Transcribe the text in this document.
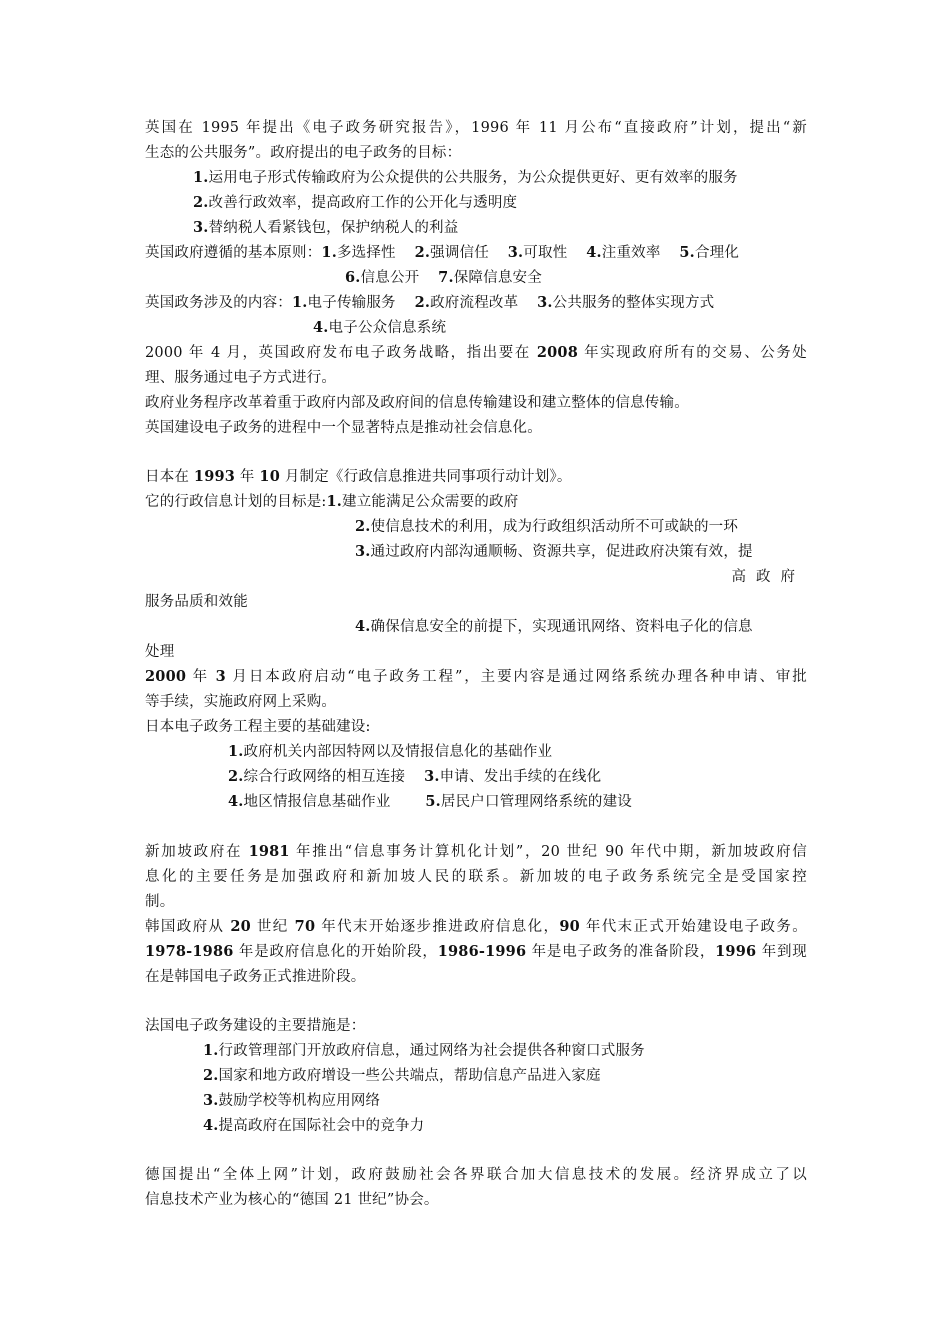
英国在 1995 年提出《电子政务研究报告》，1996 年 11 月公布“直接政府”计划，提出“新
生态的公共服务”。政府提出的电子政务的目标：
1.运用电子形式传输政府为公众提供的公共服务，为公众提供更好、更有效率的服务
2.改善行政效率，提高政府工作的公开化与透明度
3.替纳税人看紧钱包，保护纳税人的利益
英国政府遵循的基本原则：1.多选择性 2.强调信任 3.可取性 4.注重效率 5.合理化
6.信息公开 7.保障信息安全
英国政务涉及的内容：1.电子传输服务 2.政府流程改革 3.公共服务的整体实现方式
4.电子公众信息系统
2000 年 4 月，英国政府发布电子政务战略，指出要在 2008 年实现政府所有的交易、公务处
理、服务通过电子方式进行。
政府业务程序改革着重于政府内部及政府间的信息传输建设和建立整体的信息传输。
英国建设电子政务的进程中一个显著特点是推动社会信息化。
日本在 1993 年 10 月制定《行政信息推进共同事项行动计划》。
它的行政信息计划的目标是:1.建立能满足公众需要的政府
2.使信息技术的利用，成为行政组织活动所不可或缺的一环
3.通过政府内部沟通顺畅、资源共享，促进政府决策有效，提
高政府
服务品质和效能
4.确保信息安全的前提下，实现通讯网络、资料电子化的信息
处理
2000 年 3 月日本政府启动“电子政务工程”，主要内容是通过网络系统办理各种申请、审批
等手续，实施政府网上采购。
日本电子政务工程主要的基础建设:
1.政府机关内部因特网以及情报信息化的基础作业
2.综合行政网络的相互连接 3.申请、发出手续的在线化
4.地区情报信息基础作业 5.居民户口管理网络系统的建设
新加坡政府在 1981 年推出“信息事务计算机化计划”，20 世纪 90 年代中期，新加坡政府信
息化的主要任务是加强政府和新加坡人民的联系。新加坡的电子政务系统完全是受国家控
制。
韩国政府从 20 世纪 70 年代末开始逐步推进政府信息化，90 年代末正式开始建设电子政务。
1978-1986 年是政府信息化的开始阶段，1986-1996 年是电子政务的准备阶段，1996 年到现
在是韩国电子政务正式推进阶段。
法国电子政务建设的主要措施是：
1.行政管理部门开放政府信息，通过网络为社会提供各种窗口式服务
2.国家和地方政府增设一些公共端点，帮助信息产品进入家庭
3.鼓励学校等机构应用网络
4.提高政府在国际社会中的竞争力
德国提出“全体上网”计划，政府鼓励社会各界联合加大信息技术的发展。经济界成立了以
信息技术产业为核心的“德国 21 世纪”协会。
